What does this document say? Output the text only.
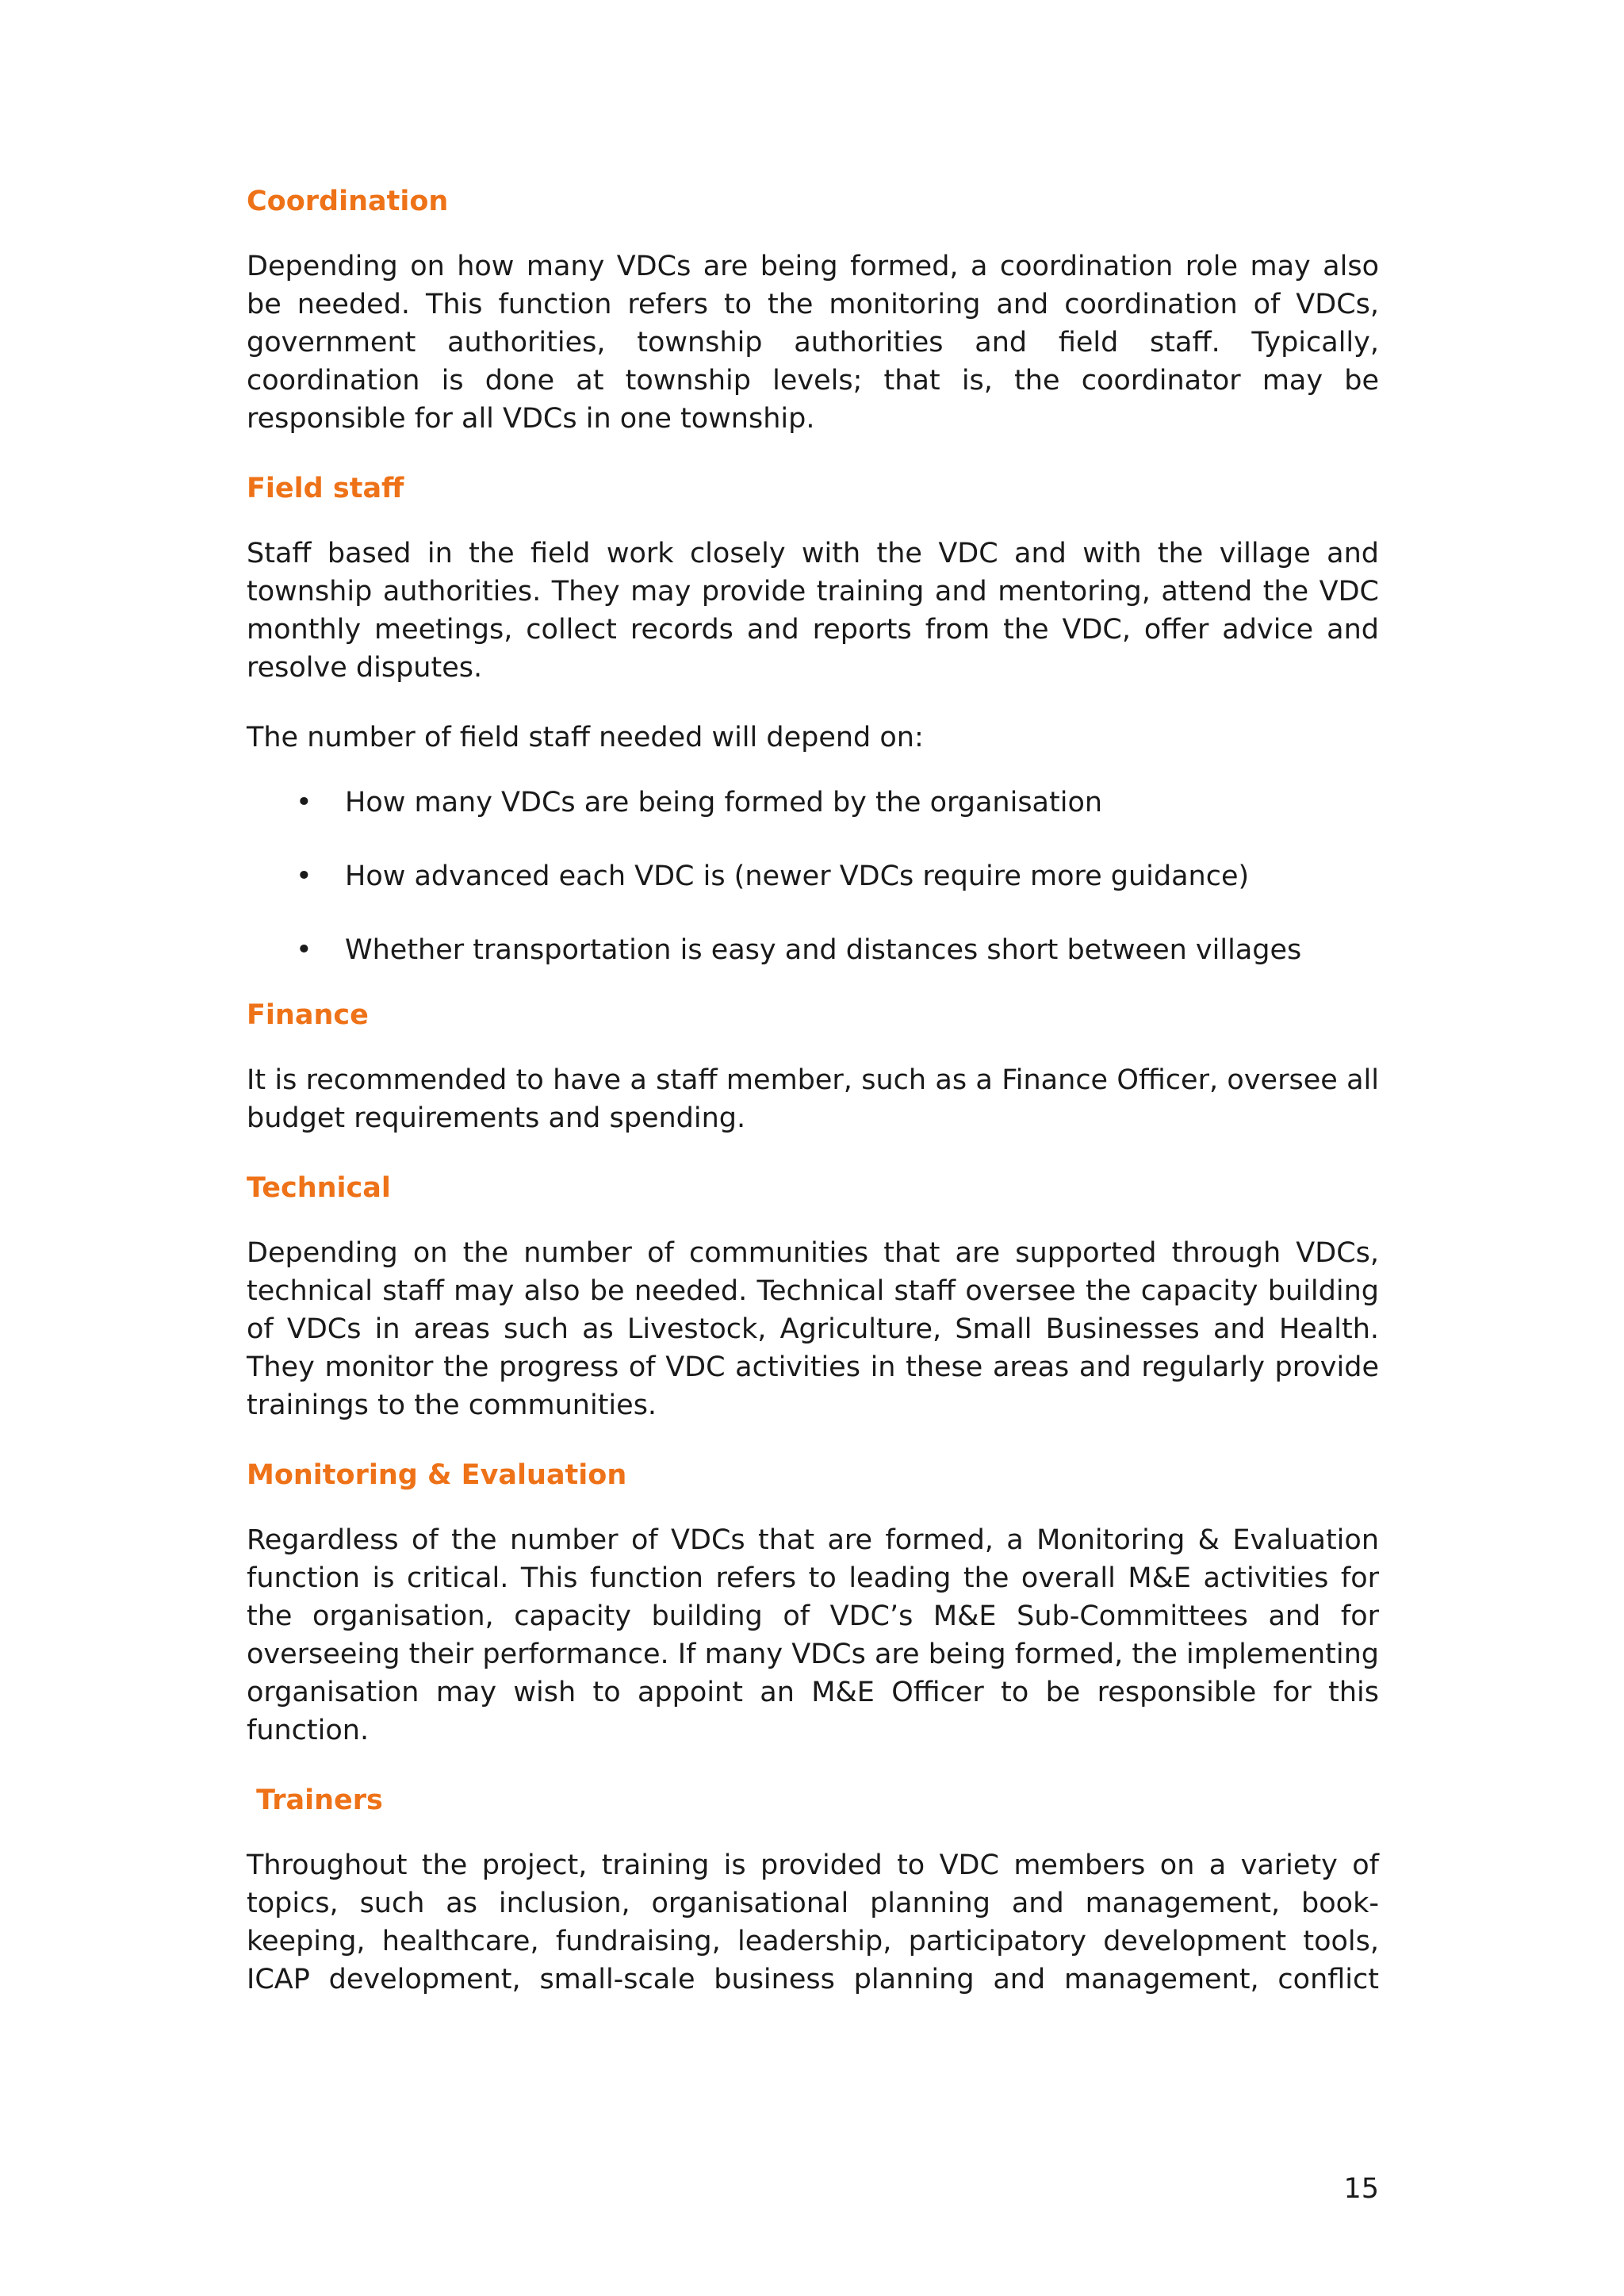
Coordination
Depending on how many VDCs are being formed, a coordination role may also be needed. This function refers to the monitoring and coordination of VDCs, government authorities, township authorities and field staff. Typically, coordination is done at township levels; that is, the coordinator may be responsible for all VDCs in one township.
Field staff
Staff based in the field work closely with the VDC and with the village and township authorities. They may provide training and mentoring, attend the VDC monthly meetings, collect records and reports from the VDC, offer advice and resolve disputes.
The number of field staff needed will depend on:
• How many VDCs are being formed by the organisation
• How advanced each VDC is (newer VDCs require more guidance)
• Whether transportation is easy and distances short between villages
Finance
It is recommended to have a staff member, such as a Finance Officer, oversee all budget requirements and spending.
Technical
Depending on the number of communities that are supported through VDCs, technical staff may also be needed. Technical staff oversee the capacity building of VDCs in areas such as Livestock, Agriculture, Small Businesses and Health. They monitor the progress of VDC activities in these areas and regularly provide trainings to the communities.
Monitoring & Evaluation
Regardless of the number of VDCs that are formed, a Monitoring & Evaluation function is critical. This function refers to leading the overall M&E activities for the organisation, capacity building of VDC’s M&E Sub-Committees and for overseeing their performance. If many VDCs are being formed, the implementing organisation may wish to appoint an M&E Officer to be responsible for this function.
Trainers
Throughout the project, training is provided to VDC members on a variety of topics, such as inclusion, organisational planning and management, book-keeping, healthcare, fundraising, leadership, participatory development tools, ICAP development, small-scale business planning and management, conflict
15
